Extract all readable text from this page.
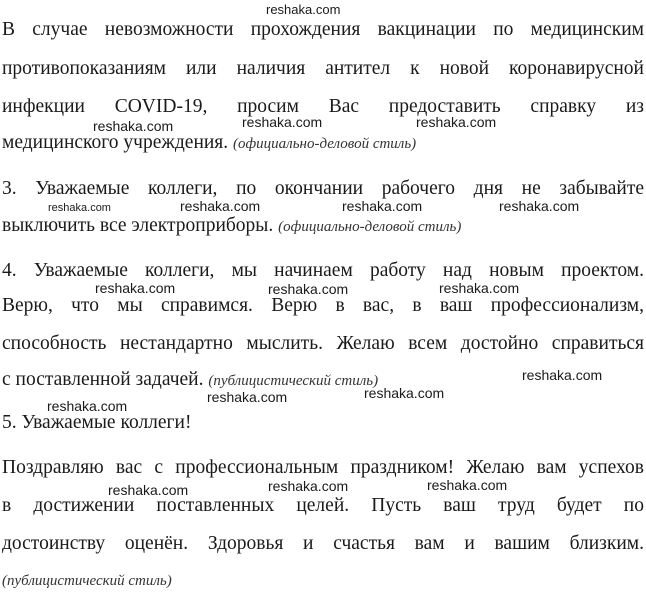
В случае невозможности прохождения вакцинации по медицинским
противопоказаниям или наличия антител к новой коронавирусной
инфекции COVID-19, просим Вас предоставить справку из
медицинского учреждения. (официально-деловой стиль)
3. Уважаемые коллеги, по окончании рабочего дня не забывайте
выключить все электроприборы. (официально-деловой стиль)
4. Уважаемые коллеги, мы начинаем работу над новым проектом.
Верю, что мы справимся. Верю в вас, в ваш профессионализм,
способность нестандартно мыслить. Желаю всем достойно справиться
с поставленной задачей. (публицистический стиль)
5. Уважаемые коллеги!
Поздравляю вас с профессиональным праздником! Желаю вам успехов
в достижении поставленных целей. Пусть ваш труд будет по
достоинству оценён. Здоровья и счастья вам и вашим близким.
(публицистический стиль)
reshaka.com
reshaka.com	reshaka.com	reshaka.com
reshaka.com	reshaka.com	reshaka.com	reshaka.com
reshaka.com	reshaka.com	reshaka.com
reshaka.com
reshaka.com
reshaka.com	reshaka.com
reshaka.com	reshaka.com	reshaka.com
